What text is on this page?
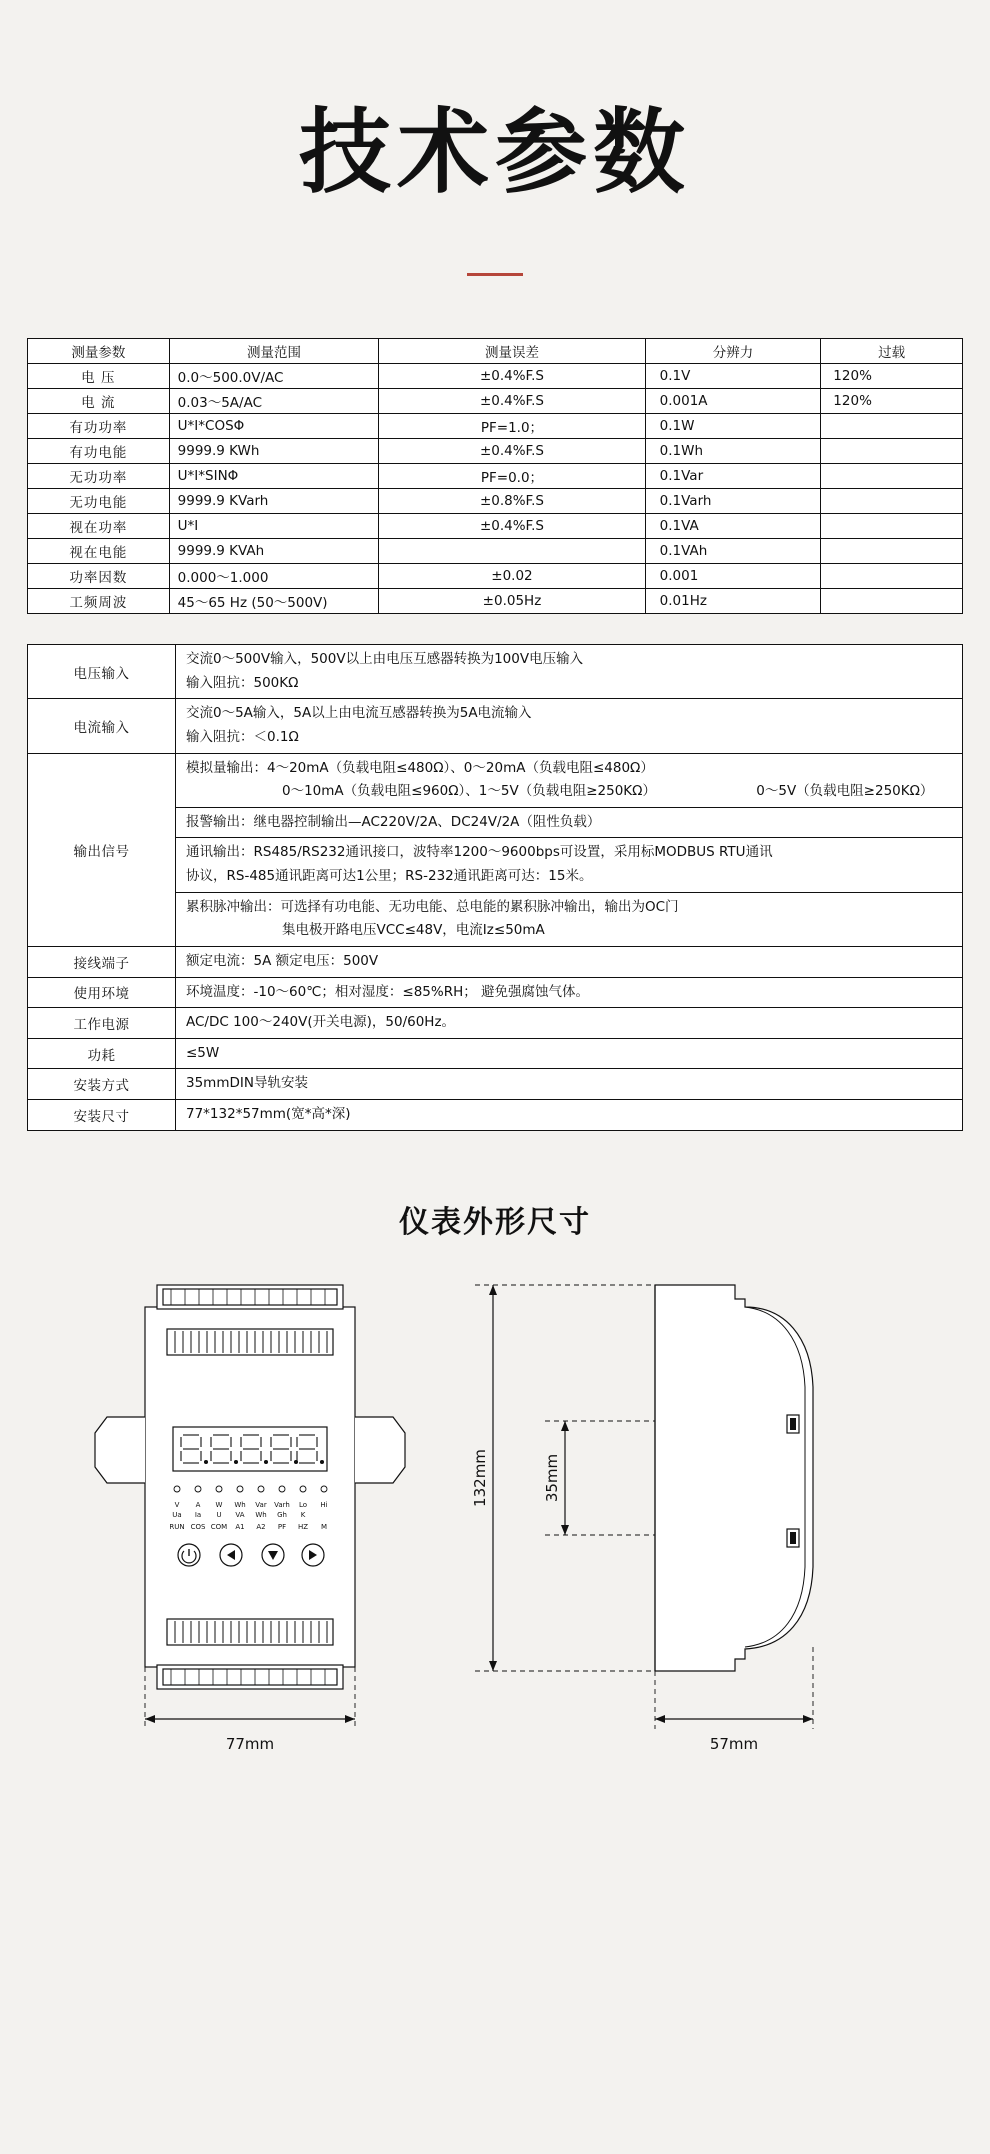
技术参数
测量参数	测量范围	测量误差	分辨力	过载
电 压	0.0～500.0V/AC	±0.4%F.S	0.1V	120%
电 流	0.03～5A/AC	±0.4%F.S	0.001A	120%
有功功率	U*I*COSΦ	PF=1.0；	0.1W	
有功电能	9999.9 KWh	±0.4%F.S	0.1Wh	
无功功率	U*I*SINΦ	PF=0.0；	0.1Var	
无功电能	9999.9 KVarh	±0.8%F.S	0.1Varh	
视在功率	U*I	±0.4%F.S	0.1VA	
视在电能	9999.9 KVAh		0.1VAh	
功率因数	0.000～1.000	±0.02	0.001	
工频周波	45～65 Hz (50～500V)	±0.05Hz	0.01Hz	
电压输入	交流0～500V输入，500V以上由电压互感器转换为100V电压输入
输入阻抗：500KΩ

电流输入	交流0～5A输入，5A以上由电流互感器转换为5A电流输入
输入阻抗：＜0.1Ω

输出信号	模拟量输出：4～20mA（负载电阻≤480Ω）、0～20mA（负载电阻≤480Ω）
0～10mA（负载电阻≤960Ω）、1～5V（负载电阻≥250KΩ） 0～5V（负载电阻≥250KΩ）

	报警输出：继电器控制输出—AC220V/2A、DC24V/2A（阻性负载）

	通讯输出：RS485/RS232通讯接口，波特率1200～9600bps可设置，采用标MODBUS RTU通讯
协议，RS-485通讯距离可达1公里；RS-232通讯距离可达：15米。

	累积脉冲输出：可选择有功电能、无功电能、总电能的累积脉冲输出，输出为OC门
集电极开路电压VCC≤48V，电流Iz≤50mA
接线端子	额定电流：5A 额定电压：500V
使用环境	环境温度：-10～60℃；相对湿度：≤85%RH； 避免强腐蚀气体。
工作电源	AC/DC 100～240V(开关电源)，50/60Hz。
功耗	≤5W
安装方式	35mmDIN导轨安装
安装尺寸	77*132*57mm(宽*高*深)
仪表外形尺寸
V A W Wh Var Varh Lo Hi
Ua Ia U VA Wh Gh K
RUN COS COM A1 A2 PF HZ M
77mm	57mm
132mm	35mm
